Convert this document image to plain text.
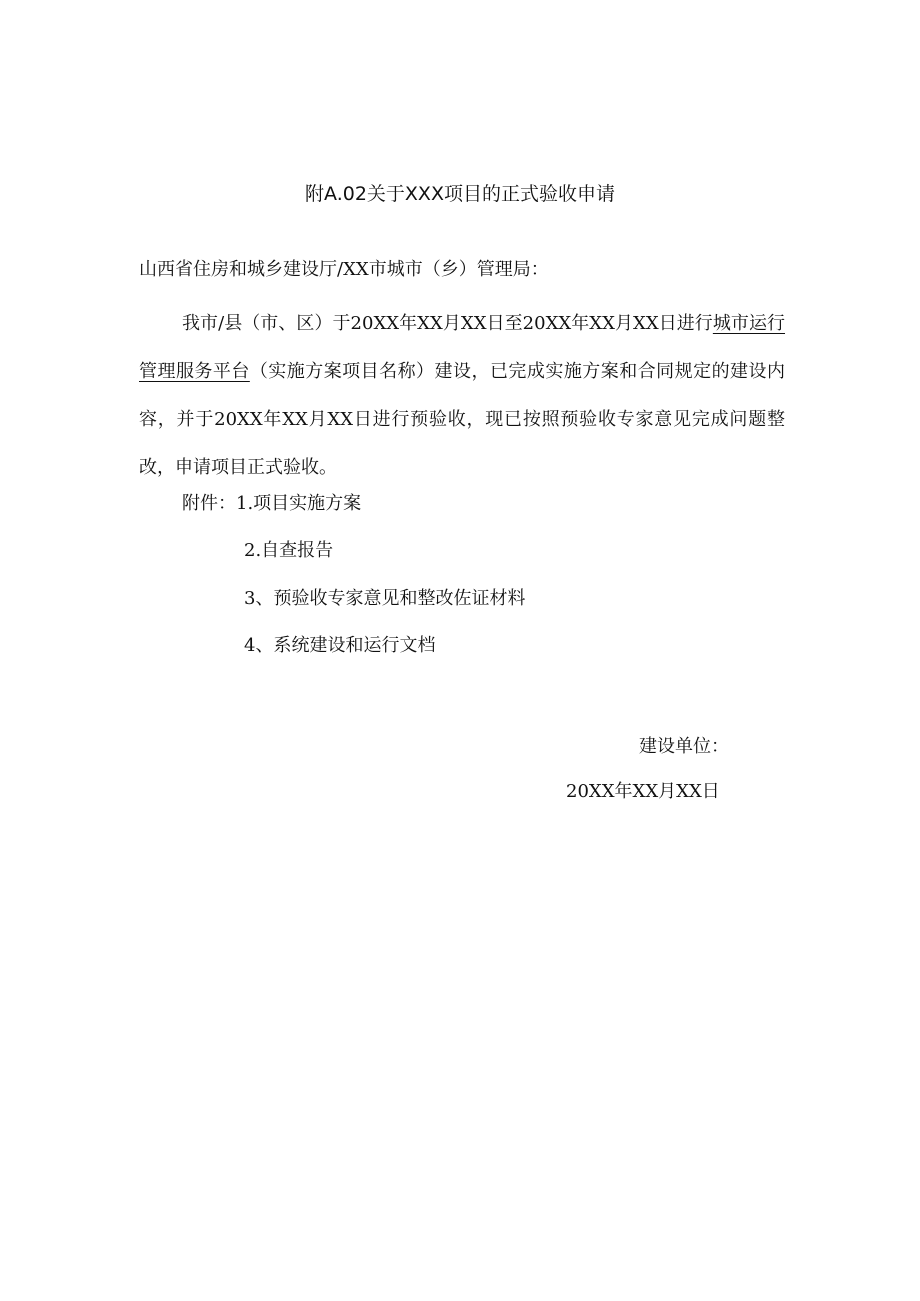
附A.02关于XXX项目的正式验收申请
山西省住房和城乡建设厅/XX市城市（乡）管理局：

我市/县（市、区）于20XX年XX月XX日至20XX年XX月XX日进行城市运行管理服务平台（实施方案项目名称）建设，已完成实施方案和合同规定的建设内容，并于20XX年XX月XX日进行预验收，现已按照预验收专家意见完成问题整改，申请项目正式验收。

附件：1.项目实施方案
2.自查报告
3、预验收专家意见和整改佐证材料
4、系统建设和运行文档
建设单位：
20XX年XX月XX日
